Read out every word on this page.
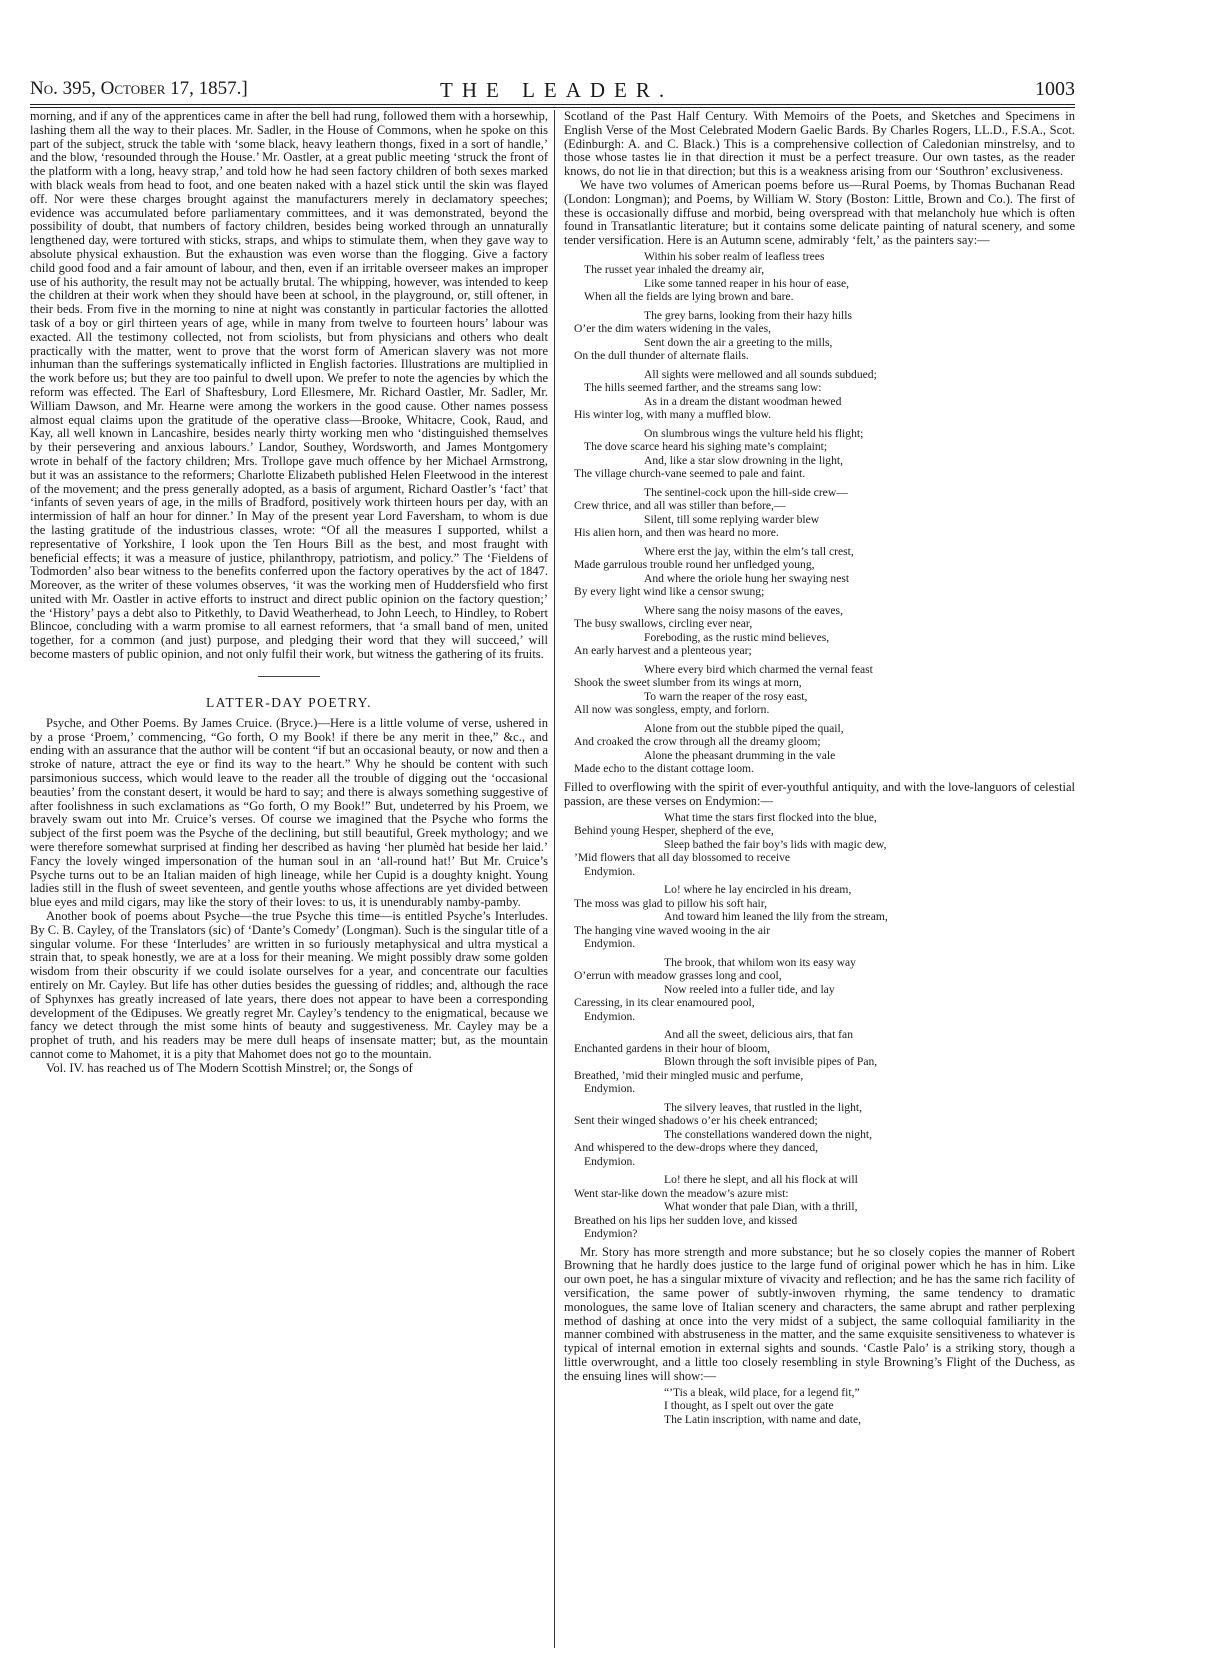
No. 395, October 17, 1857.]	THE LEADER.	1003

morning, and if any of the apprentices came in after the bell had rung, followed them with a horsewhip, lashing them all the way to their places. Mr. Sadler, in the House of Commons, when he spoke on this part of the subject, struck the table with ‘some black, heavy leathern thongs, fixed in a sort of handle,’ and the blow, ‘resounded through the House.’ Mr. Oastler, at a great public meeting ‘struck the front of the platform with a long, heavy strap,’ and told how he had seen factory children of both sexes marked with black weals from head to foot, and one beaten naked with a hazel stick until the skin was flayed off. Nor were these charges brought against the manufacturers merely in declamatory speeches; evidence was accumulated before parliamentary committees, and it was demonstrated, beyond the possibility of doubt, that numbers of factory children, besides being worked through an unnaturally lengthened day, were tortured with sticks, straps, and whips to stimulate them, when they gave way to absolute physical exhaustion. But the exhaustion was even worse than the flogging. Give a factory child good food and a fair amount of labour, and then, even if an irritable overseer makes an improper use of his authority, the result may not be actually brutal. The whipping, however, was intended to keep the children at their work when they should have been at school, in the playground, or, still oftener, in their beds. From five in the morning to nine at night was constantly in particular factories the allotted task of a boy or girl thirteen years of age, while in many from twelve to fourteen hours’ labour was exacted. All the testimony collected, not from sciolists, but from physicians and others who dealt practically with the matter, went to prove that the worst form of American slavery was not more inhuman than the sufferings systematically inflicted in English factories. Illustrations are multiplied in the work before us; but they are too painful to dwell upon. We prefer to note the agencies by which the reform was effected. The Earl of Shaftesbury, Lord Ellesmere, Mr. Richard Oastler, Mr. Sadler, Mr. William Dawson, and Mr. Hearne were among the workers in the good cause. Other names possess almost equal claims upon the gratitude of the operative class—Brooke, Whitacre, Cook, Raud, and Kay, all well known in Lancashire, besides nearly thirty working men who ‘distinguished themselves by their persevering and anxious labours.’ Landor, Southey, Wordsworth, and James Montgomery wrote in behalf of the factory children; Mrs. Trollope gave much offence by her Michael Armstrong, but it was an assistance to the reformers; Charlotte Elizabeth published Helen Fleetwood in the interest of the movement; and the press generally adopted, as a basis of argument, Richard Oastler’s ‘fact’ that ‘infants of seven years of age, in the mills of Bradford, positively work thirteen hours per day, with an intermission of half an hour for dinner.’ In May of the present year Lord Faversham, to whom is due the lasting gratitude of the industrious classes, wrote: “Of all the measures I supported, whilst a representative of Yorkshire, I look upon the Ten Hours Bill as the best, and most fraught with beneficial effects; it was a measure of justice, philanthropy, patriotism, and policy.” The ‘Fieldens of Todmorden’ also bear witness to the benefits conferred upon the factory operatives by the act of 1847. Moreover, as the writer of these volumes observes, ‘it was the working men of Huddersfield who first united with Mr. Oastler in active efforts to instruct and direct public opinion on the factory question;’ the ‘History’ pays a debt also to Pitkethly, to David Weatherhead, to John Leech, to Hindley, to Robert Blincoe, concluding with a warm promise to all earnest reformers, that ‘a small band of men, united together, for a common (and just) purpose, and pledging their word that they will succeed,’ will become masters of public opinion, and not only fulfil their work, but witness the gathering of its fruits.

LATTER-DAY POETRY.

Psyche, and Other Poems. By James Cruice. (Bryce.)—Here is a little volume of verse, ushered in by a prose ‘Proem,’ commencing, “Go forth, O my Book! if there be any merit in thee,” &c., and ending with an assurance that the author will be content “if but an occasional beauty, or now and then a stroke of nature, attract the eye or find its way to the heart.” Why he should be content with such parsimonious success, which would leave to the reader all the trouble of digging out the ‘occasional beauties’ from the constant desert, it would be hard to say; and there is always something suggestive of after foolishness in such exclamations as “Go forth, O my Book!” But, undeterred by his Proem, we bravely swam out into Mr. Cruice’s verses. Of course we imagined that the Psyche who forms the subject of the first poem was the Psyche of the declining, but still beautiful, Greek mythology; and we were therefore somewhat surprised at finding her described as having ‘her plumèd hat beside her laid.’ Fancy the lovely winged impersonation of the human soul in an ‘all-round hat!’ But Mr. Cruice’s Psyche turns out to be an Italian maiden of high lineage, while her Cupid is a doughty knight. Young ladies still in the flush of sweet seventeen, and gentle youths whose affections are yet divided between blue eyes and mild cigars, may like the story of their loves: to us, it is unendurably namby-pamby.

Another book of poems about Psyche—the true Psyche this time—is entitled Psyche’s Interludes. By C. B. Cayley, of the Translators (sic) of ‘Dante’s Comedy’ (Longman). Such is the singular title of a singular volume. For these ‘Interludes’ are written in so furiously metaphysical and ultra mystical a strain that, to speak honestly, we are at a loss for their meaning. We might possibly draw some golden wisdom from their obscurity if we could isolate ourselves for a year, and concentrate our faculties entirely on Mr. Cayley. But life has other duties besides the guessing of riddles; and, although the race of Sphynxes has greatly increased of late years, there does not appear to have been a corresponding development of the Œdipuses. We greatly regret Mr. Cayley’s tendency to the enigmatical, because we fancy we detect through the mist some hints of beauty and suggestiveness. Mr. Cayley may be a prophet of truth, and his readers may be mere dull heaps of insensate matter; but, as the mountain cannot come to Mahomet, it is a pity that Mahomet does not go to the mountain.

Vol. IV. has reached us of The Modern Scottish Minstrel; or, the Songs of

Scotland of the Past Half Century. With Memoirs of the Poets, and Sketches and Specimens in English Verse of the Most Celebrated Modern Gaelic Bards. By Charles Rogers, LL.D., F.S.A., Scot. (Edinburgh: A. and C. Black.) This is a comprehensive collection of Caledonian minstrelsy, and to those whose tastes lie in that direction it must be a perfect treasure. Our own tastes, as the reader knows, do not lie in that direction; but this is a weakness arising from our ‘Southron’ exclusiveness.

We have two volumes of American poems before us—Rural Poems, by Thomas Buchanan Read (London: Longman); and Poems, by William W. Story (Boston: Little, Brown and Co.). The first of these is occasionally diffuse and morbid, being overspread with that melancholy hue which is often found in Transatlantic literature; but it contains some delicate painting of natural scenery, and some tender versification. Here is an Autumn scene, admirably ‘felt,’ as the painters say:—

Within his sober realm of leafless trees
The russet year inhaled the dreamy air,
Like some tanned reaper in his hour of ease,
When all the fields are lying brown and bare.
The grey barns, looking from their hazy hills
O’er the dim waters widening in the vales,
Sent down the air a greeting to the mills,
On the dull thunder of alternate flails.
All sights were mellowed and all sounds subdued;
The hills seemed farther, and the streams sang low:
As in a dream the distant woodman hewed
His winter log, with many a muffled blow.
On slumbrous wings the vulture held his flight;
The dove scarce heard his sighing mate’s complaint;
And, like a star slow drowning in the light,
The village church-vane seemed to pale and faint.
The sentinel-cock upon the hill-side crew—
Crew thrice, and all was stiller than before,—
Silent, till some replying warder blew
His alien horn, and then was heard no more.
Where erst the jay, within the elm’s tall crest,
Made garrulous trouble round her unfledged young,
And where the oriole hung her swaying nest
By every light wind like a censor swung;
Where sang the noisy masons of the eaves,
The busy swallows, circling ever near,
Foreboding, as the rustic mind believes,
An early harvest and a plenteous year;
Where every bird which charmed the vernal feast
Shook the sweet slumber from its wings at morn,
To warn the reaper of the rosy east,
All now was songless, empty, and forlorn.
Alone from out the stubble piped the quail,
And croaked the crow through all the dreamy gloom;
Alone the pheasant drumming in the vale
Made echo to the distant cottage loom.

Filled to overflowing with the spirit of ever-youthful antiquity, and with the love-languors of celestial passion, are these verses on Endymion:—

What time the stars first flocked into the blue,
Behind young Hesper, shepherd of the eve,
Sleep bathed the fair boy’s lids with magic dew,
’Mid flowers that all day blossomed to receive
Endymion.
Lo! where he lay encircled in his dream,
The moss was glad to pillow his soft hair,
And toward him leaned the lily from the stream,
The hanging vine waved wooing in the air
Endymion.
The brook, that whilom won its easy way
O’errun with meadow grasses long and cool,
Now reeled into a fuller tide, and lay
Caressing, in its clear enamoured pool,
Endymion.
And all the sweet, delicious airs, that fan
Enchanted gardens in their hour of bloom,
Blown through the soft invisible pipes of Pan,
Breathed, ’mid their mingled music and perfume,
Endymion.
The silvery leaves, that rustled in the light,
Sent their winged shadows o’er his cheek entranced;
The constellations wandered down the night,
And whispered to the dew-drops where they danced,
Endymion.
Lo! there he slept, and all his flock at will
Went star-like down the meadow’s azure mist:
What wonder that pale Dian, with a thrill,
Breathed on his lips her sudden love, and kissed
Endymion?

Mr. Story has more strength and more substance; but he so closely copies the manner of Robert Browning that he hardly does justice to the large fund of original power which he has in him. Like our own poet, he has a singular mixture of vivacity and reflection; and he has the same rich facility of versification, the same power of subtly-inwoven rhyming, the same tendency to dramatic monologues, the same love of Italian scenery and characters, the same abrupt and rather perplexing method of dashing at once into the very midst of a subject, the same colloquial familiarity in the manner combined with abstruseness in the matter, and the same exquisite sensitiveness to whatever is typical of internal emotion in external sights and sounds. ‘Castle Palo’ is a striking story, though a little overwrought, and a little too closely resembling in style Browning’s Flight of the Duchess, as the ensuing lines will show:—

“’Tis a bleak, wild place, for a legend fit,”
I thought, as I spelt out over the gate
The Latin inscription, with name and date,
